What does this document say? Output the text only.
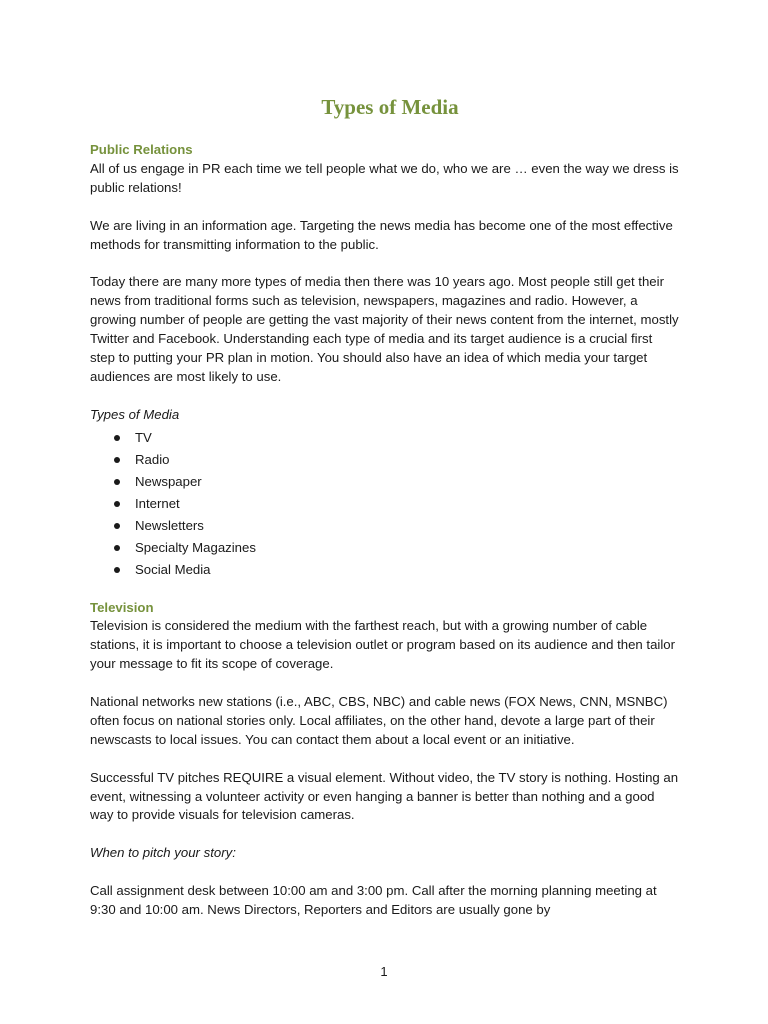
Types of Media
Public Relations

All of us engage in PR each time we tell people what we do, who we are … even the way we dress is public relations!

We are living in an information age. Targeting the news media has become one of the most effective methods for transmitting information to the public.

Today there are many more types of media then there was 10 years ago. Most people still get their news from traditional forms such as television, newspapers, magazines and radio. However, a growing number of people are getting the vast majority of their news content from the internet, mostly Twitter and Facebook. Understanding each type of media and its target audience is a crucial first step to putting your PR plan in motion. You should also have an idea of which media your target audiences are most likely to use.

Types of Media
TV
Radio
Newspaper
Internet
Newsletters
Specialty Magazines
Social Media
Television

Television is considered the medium with the farthest reach, but with a growing number of cable stations, it is important to choose a television outlet or program based on its audience and then tailor your message to fit its scope of coverage.

National networks new stations (i.e., ABC, CBS, NBC) and cable news (FOX News, CNN, MSNBC) often focus on national stories only. Local affiliates, on the other hand, devote a large part of their newscasts to local issues. You can contact them about a local event or an initiative.

Successful TV pitches REQUIRE a visual element. Without video, the TV story is nothing. Hosting an event, witnessing a volunteer activity or even hanging a banner is better than nothing and a good way to provide visuals for television cameras.

When to pitch your story:

Call assignment desk between 10:00 am and 3:00 pm. Call after the morning planning meeting at 9:30 and 10:00 am. News Directors, Reporters and Editors are usually gone by

1
